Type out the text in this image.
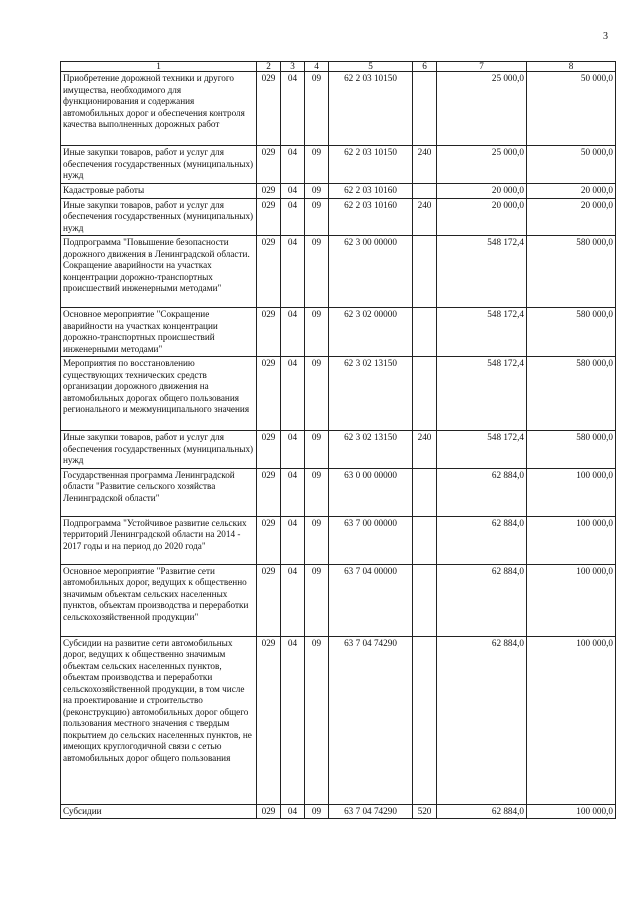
3
1	2	3	4	5	6	7	8
Приобретение дорожной техники и другого имущества, необходимого для функционирования и содержания автомобильных дорог и обеспечения контроля качества выполненных дорожных работ	029	04	09	62 2 03 10150		25 000,0	50 000,0
Иные закупки товаров, работ и услуг для обеспечения государственных (муниципальных) нужд	029	04	09	62 2 03 10150	240	25 000,0	50 000,0
Кадастровые работы	029	04	09	62 2 03 10160		20 000,0	20 000,0
Иные закупки товаров, работ и услуг для обеспечения государственных (муниципальных) нужд	029	04	09	62 2 03 10160	240	20 000,0	20 000,0
Подпрограмма "Повышение безопасности дорожного движения в Ленинградской области. Сокращение аварийности на участках концентрации дорожно-транспортных происшествий инженерными методами"	029	04	09	62 3 00 00000		548 172,4	580 000,0
Основное мероприятие "Сокращение аварийности на участках концентрации дорожно-транспортных происшествий инженерными методами"	029	04	09	62 3 02 00000		548 172,4	580 000,0
Мероприятия по восстановлению существующих технических средств организации дорожного движения на автомобильных дорогах общего пользования регионального и межмуниципального значения	029	04	09	62 3 02 13150		548 172,4	580 000,0
Иные закупки товаров, работ и услуг для обеспечения государственных (муниципальных) нужд	029	04	09	62 3 02 13150	240	548 172,4	580 000,0
Государственная программа Ленинградской области "Развитие сельского хозяйства Ленинградской области"	029	04	09	63 0 00 00000		62 884,0	100 000,0
Подпрограмма "Устойчивое развитие сельских территорий Ленинградской области на 2014 - 2017 годы и на период до 2020 года"	029	04	09	63 7 00 00000		62 884,0	100 000,0
Основное мероприятие "Развитие сети автомобильных дорог, ведущих к общественно значимым объектам сельских населенных пунктов, объектам производства и переработки сельскохозяйственной продукции"	029	04	09	63 7 04 00000		62 884,0	100 000,0
Субсидии на развитие сети автомобильных дорог, ведущих к общественно значимым объектам сельских населенных пунктов, объектам производства и переработки сельскохозяйственной продукции, в том числе на проектирование и строительство (реконструкцию) автомобильных дорог общего пользования местного значения с твердым покрытием до сельских населенных пунктов, не имеющих круглогодичной связи с сетью автомобильных дорог общего пользования	029	04	09	63 7 04 74290		62 884,0	100 000,0
Субсидии	029	04	09	63 7 04 74290	520	62 884,0	100 000,0
